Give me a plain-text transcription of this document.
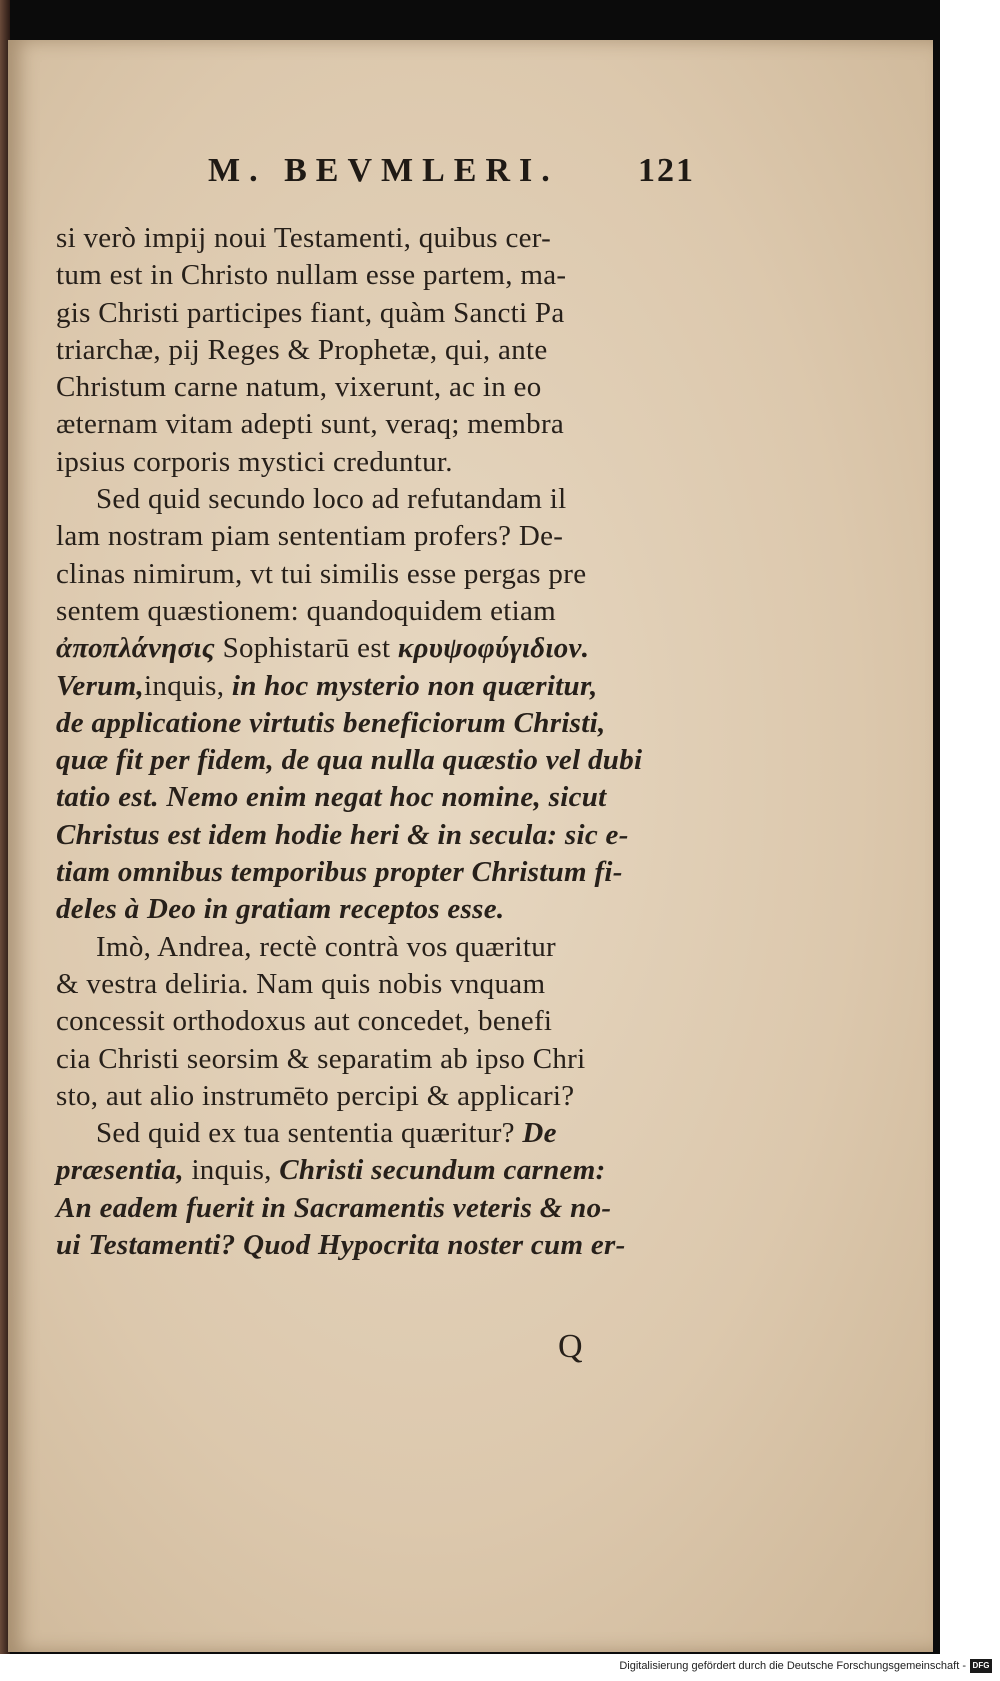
M. BEVMLERI. 121
si verò impij noui Testamenti, quibus cer-
tum est in Christo nullam esse partem, ma-
gis Christi participes fiant, quàm Sancti Pa
triarchæ, pij Reges & Prophetæ, qui, ante
Christum carne natum, vixerunt, ac in eo
æternam vitam adepti sunt, veraq; membra
ipsius corporis mystici creduntur.
Sed quid secundo loco ad refutandam il
lam nostram piam sententiam profers? De-
clinas nimirum, vt tui similis esse pergas pre
sentem quæstionem: quandoquidem etiam
ἀποπλάνησις Sophistarū est κρυψοφύγιδιον.
Verum,inquis, in hoc mysterio non quæritur,
de applicatione virtutis beneficiorum Christi,
quæ fit per fidem, de qua nulla quæstio vel dubi
tatio est. Nemo enim negat hoc nomine, sicut
Christus est idem hodie heri & in secula: sic e-
tiam omnibus temporibus propter Christum fi-
deles à Deo in gratiam receptos esse.
Imò, Andrea, rectè contrà vos quæritur
& vestra deliria. Nam quis nobis vnquam
concessit orthodoxus aut concedet, benefi
cia Christi seorsim & separatim ab ipso Chri
sto, aut alio instrumēto percipi & applicari?
Sed quid ex tua sententia quæritur? De
præsentia, inquis, Christi secundum carnem:
An eadem fuerit in Sacramentis veteris & no-
ui Testamenti? Quod Hypocrita noster cum er-
Q
Digitalisierung gefördert durch die Deutsche Forschungsgemeinschaft - DFG
